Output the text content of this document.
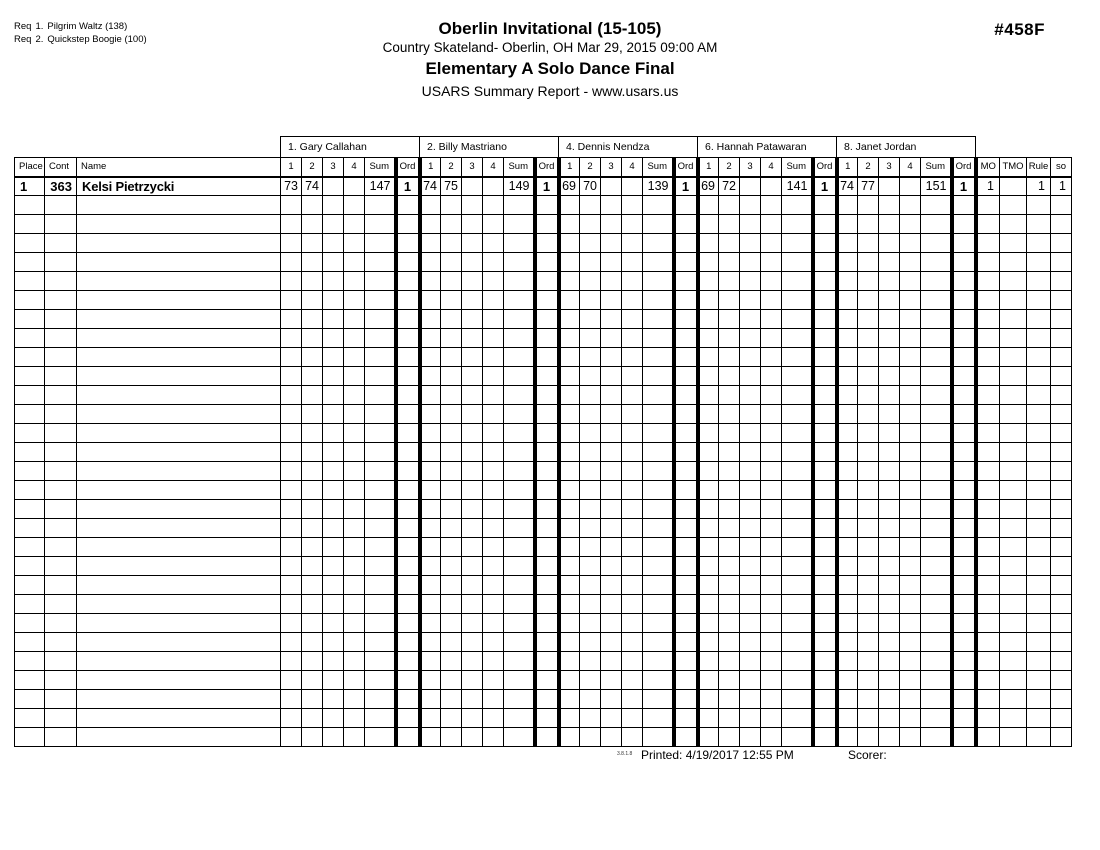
Req 1. Pilgrim Waltz (138)
Req 2. Quickstep Boogie (100)
Oberlin Invitational (15-105)
Country Skateland- Oberlin, OH Mar 29, 2015 09:00 AM
Elementary A Solo Dance Final
USARS Summary Report - www.usars.us
#458F
			1. Gary Callahan						2. Billy Mastriano						4. Dennis Nendza						6. Hannah Patawaran						8. Janet Jordan									
Place	Cont	Name	1	2	3	4	Sum	Ord	1	2	3	4	Sum	Ord	1	2	3	4	Sum	Ord	1	2	3	4	Sum	Ord	1	2	3	4	Sum	Ord	MO	TMO	Rule	so
1	363	Kelsi Pietrzycki	73	74			147	1	74	75			149	1	69	70			139	1	69	72			141	1	74	77			151	1	1		1	1

3.8.1.8 Printed: 4/19/2017 12:55 PM	Scorer:
